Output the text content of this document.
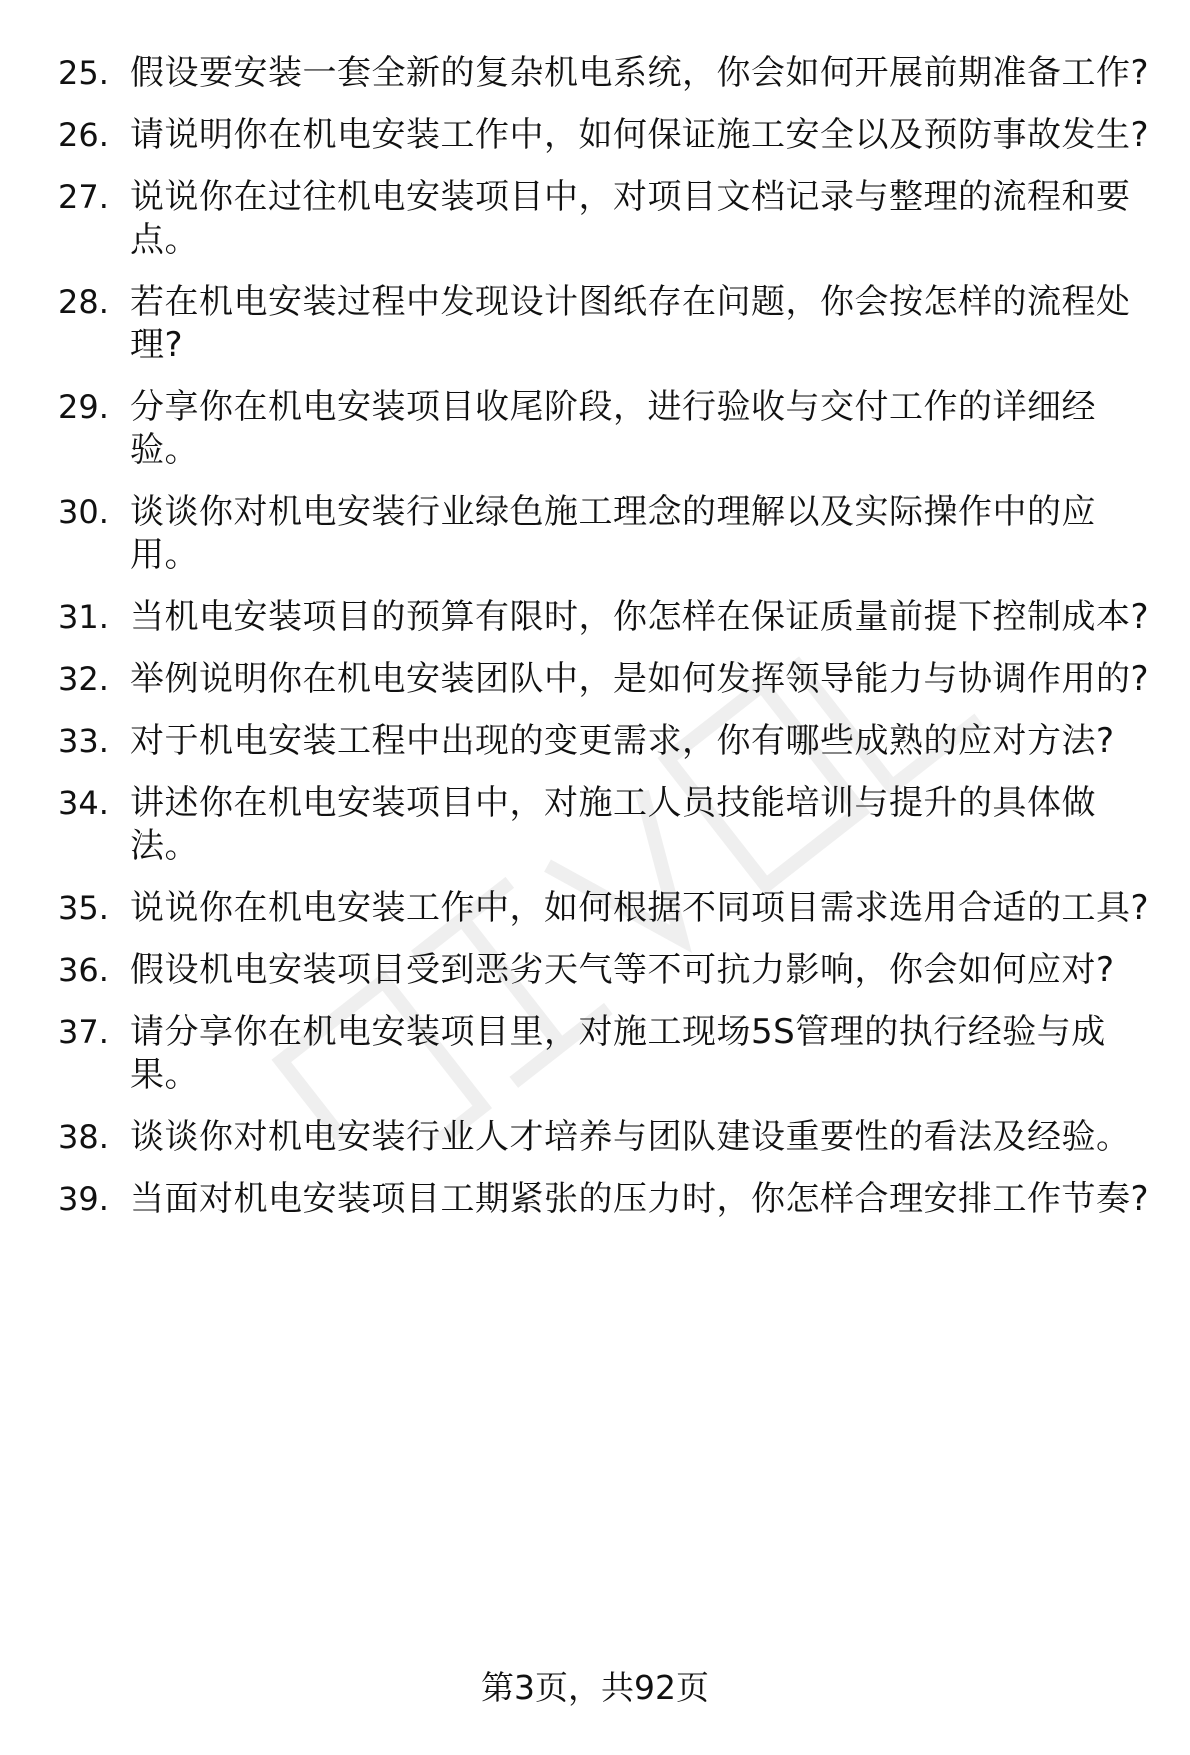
25. 假设要安装一套全新的复杂机电系统，你会如何开展前期准备工作?
26. 请说明你在机电安装工作中，如何保证施工安全以及预防事故发生?
27. 说说你在过往机电安装项目中，对项目文档记录与整理的流程和要点。
28. 若在机电安装过程中发现设计图纸存在问题，你会按怎样的流程处理?
29. 分享你在机电安装项目收尾阶段，进行验收与交付工作的详细经验。
30. 谈谈你对机电安装行业绿色施工理念的理解以及实际操作中的应用。
31. 当机电安装项目的预算有限时，你怎样在保证质量前提下控制成本?
32. 举例说明你在机电安装团队中，是如何发挥领导能力与协调作用的?
33. 对于机电安装工程中出现的变更需求，你有哪些成熟的应对方法?
34. 讲述你在机电安装项目中，对施工人员技能培训与提升的具体做法。
35. 说说你在机电安装工作中，如何根据不同项目需求选用合适的工具?
36. 假设机电安装项目受到恶劣天气等不可抗力影响，你会如何应对?
37. 请分享你在机电安装项目里，对施工现场5S管理的执行经验与成果。
38. 谈谈你对机电安装行业人才培养与团队建设重要性的看法及经验。
39. 当面对机电安装项目工期紧张的压力时，你怎样合理安排工作节奏?
第3页，共92页
